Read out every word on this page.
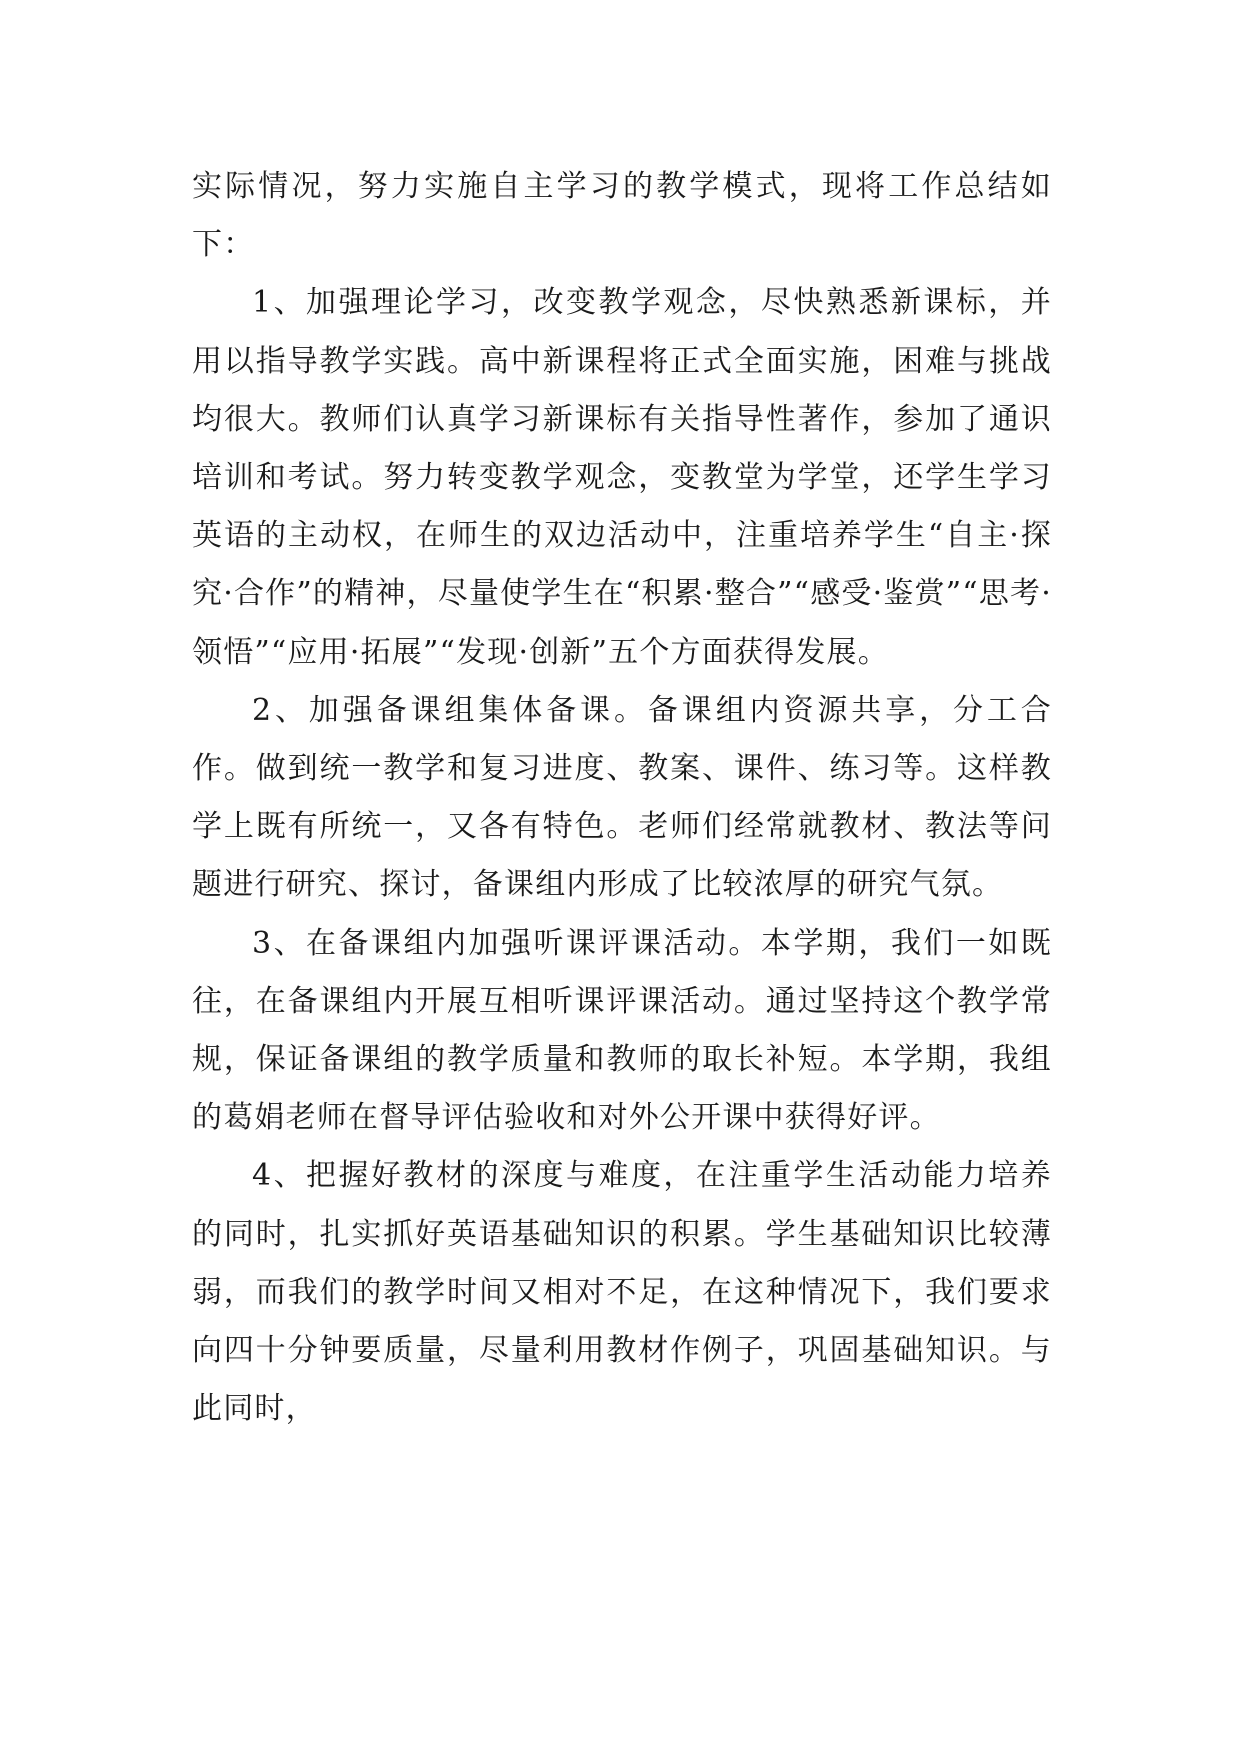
实际情况，努力实施自主学习的教学模式，现将工作总结如下：

1、加强理论学习，改变教学观念，尽快熟悉新课标，并用以指导教学实践。高中新课程将正式全面实施，困难与挑战均很大。教师们认真学习新课标有关指导性著作，参加了通识培训和考试。努力转变教学观念，变教堂为学堂，还学生学习英语的主动权，在师生的双边活动中，注重培养学生“自主·探究·合作”的精神，尽量使学生在“积累·整合”“感受·鉴赏”“思考·领悟”“应用·拓展”“发现·创新”五个方面获得发展。

2、加强备课组集体备课。备课组内资源共享，分工合作。做到统一教学和复习进度、教案、课件、练习等。这样教学上既有所统一，又各有特色。老师们经常就教材、教法等问题进行研究、探讨，备课组内形成了比较浓厚的研究气氛。

3、在备课组内加强听课评课活动。本学期，我们一如既往，在备课组内开展互相听课评课活动。通过坚持这个教学常规，保证备课组的教学质量和教师的取长补短。本学期，我组的葛娟老师在督导评估验收和对外公开课中获得好评。

4、把握好教材的深度与难度，在注重学生活动能力培养的同时，扎实抓好英语基础知识的积累。学生基础知识比较薄弱，而我们的教学时间又相对不足，在这种情况下，我们要求向四十分钟要质量，尽量利用教材作例子，巩固基础知识。与此同时，
